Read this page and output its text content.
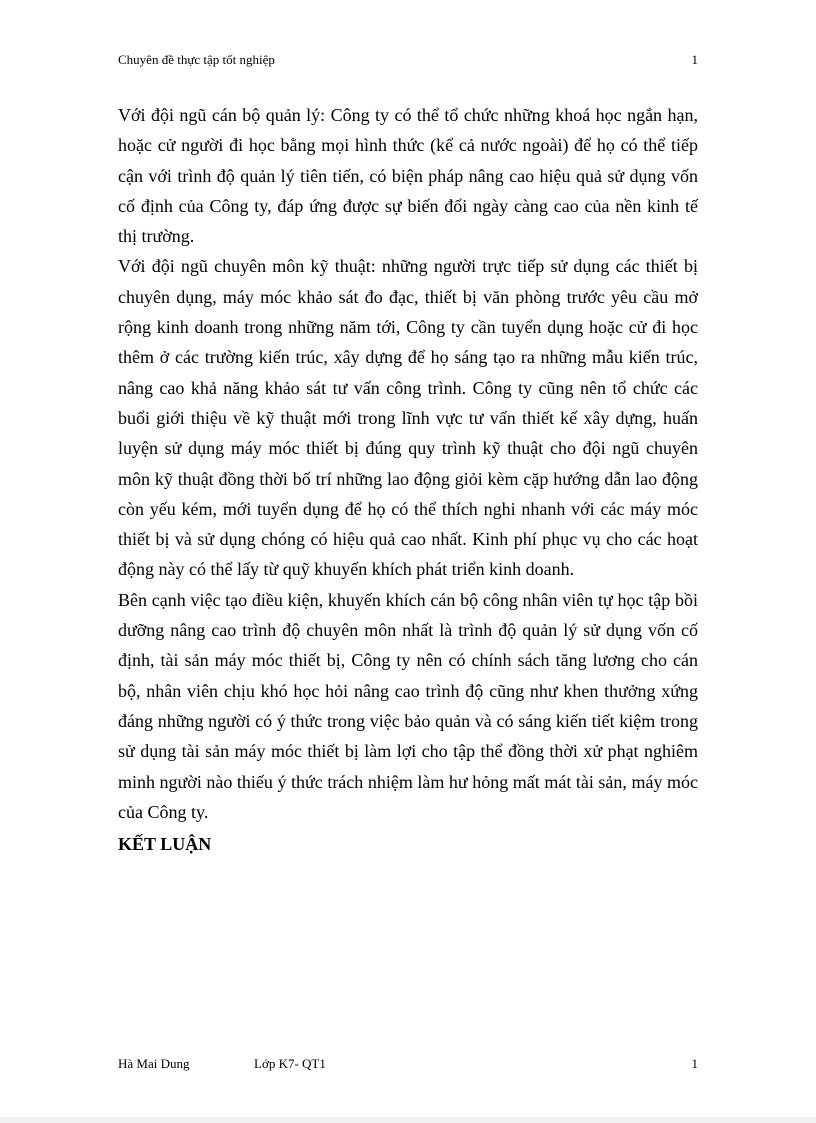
Chuyên đề thực tập tốt nghiệp	1

Với đội ngũ cán bộ quản lý: Công ty có thể tổ chức những khoá học ngắn hạn, hoặc cử người đi học bằng mọi hình thức (kể cả nước ngoài) để họ có thể tiếp cận với trình độ quản lý tiên tiến, có biện pháp nâng cao hiệu quả sử dụng vốn cố định của Công ty, đáp ứng được sự biến đổi ngày càng cao của nền kinh tế thị trường.

Với đội ngũ chuyên môn kỹ thuật: những người trực tiếp sử dụng các thiết bị chuyên dụng, máy móc khảo sát đo đạc, thiết bị văn phòng trước yêu cầu mở rộng kinh doanh trong những năm tới, Công ty cần tuyển dụng hoặc cử đi học thêm ở các trường kiến trúc, xây dựng để họ sáng tạo ra những mẫu kiến trúc, nâng cao khả năng khảo sát tư vấn công trình. Công ty cũng nên tổ chức các buổi giới thiệu về kỹ thuật mới trong lĩnh vực tư vấn thiết kế xây dựng, huấn luyện sử dụng máy móc thiết bị đúng quy trình kỹ thuật cho đội ngũ chuyên môn kỹ thuật đồng thời bố trí những lao động giỏi kèm cặp hướng dẫn lao động còn yếu kém, mới tuyển dụng để họ có thể thích nghi nhanh với các máy móc thiết bị và sử dụng chóng có hiệu quả cao nhất. Kinh phí phục vụ cho các hoạt động này có thể lấy từ quỹ khuyến khích phát triển kinh doanh.

Bên cạnh việc tạo điều kiện, khuyến khích cán bộ công nhân viên tự học tập bồi dưỡng nâng cao trình độ chuyên môn nhất là trình độ quản lý sử dụng vốn cố định, tài sản máy móc thiết bị, Công ty nên có chính sách tăng lương cho cán bộ, nhân viên chịu khó học hỏi nâng cao trình độ cũng như khen thưởng xứng đáng những người có ý thức trong việc bảo quản và có sáng kiến tiết kiệm trong sử dụng tài sản máy móc thiết bị làm lợi cho tập thể đồng thời xử phạt nghiêm minh người nào thiếu ý thức trách nhiệm làm hư hỏng mất mát tài sản, máy móc của Công ty.

KẾT LUẬN
Hà Mai Dung	Lớp K7- QT1	1
